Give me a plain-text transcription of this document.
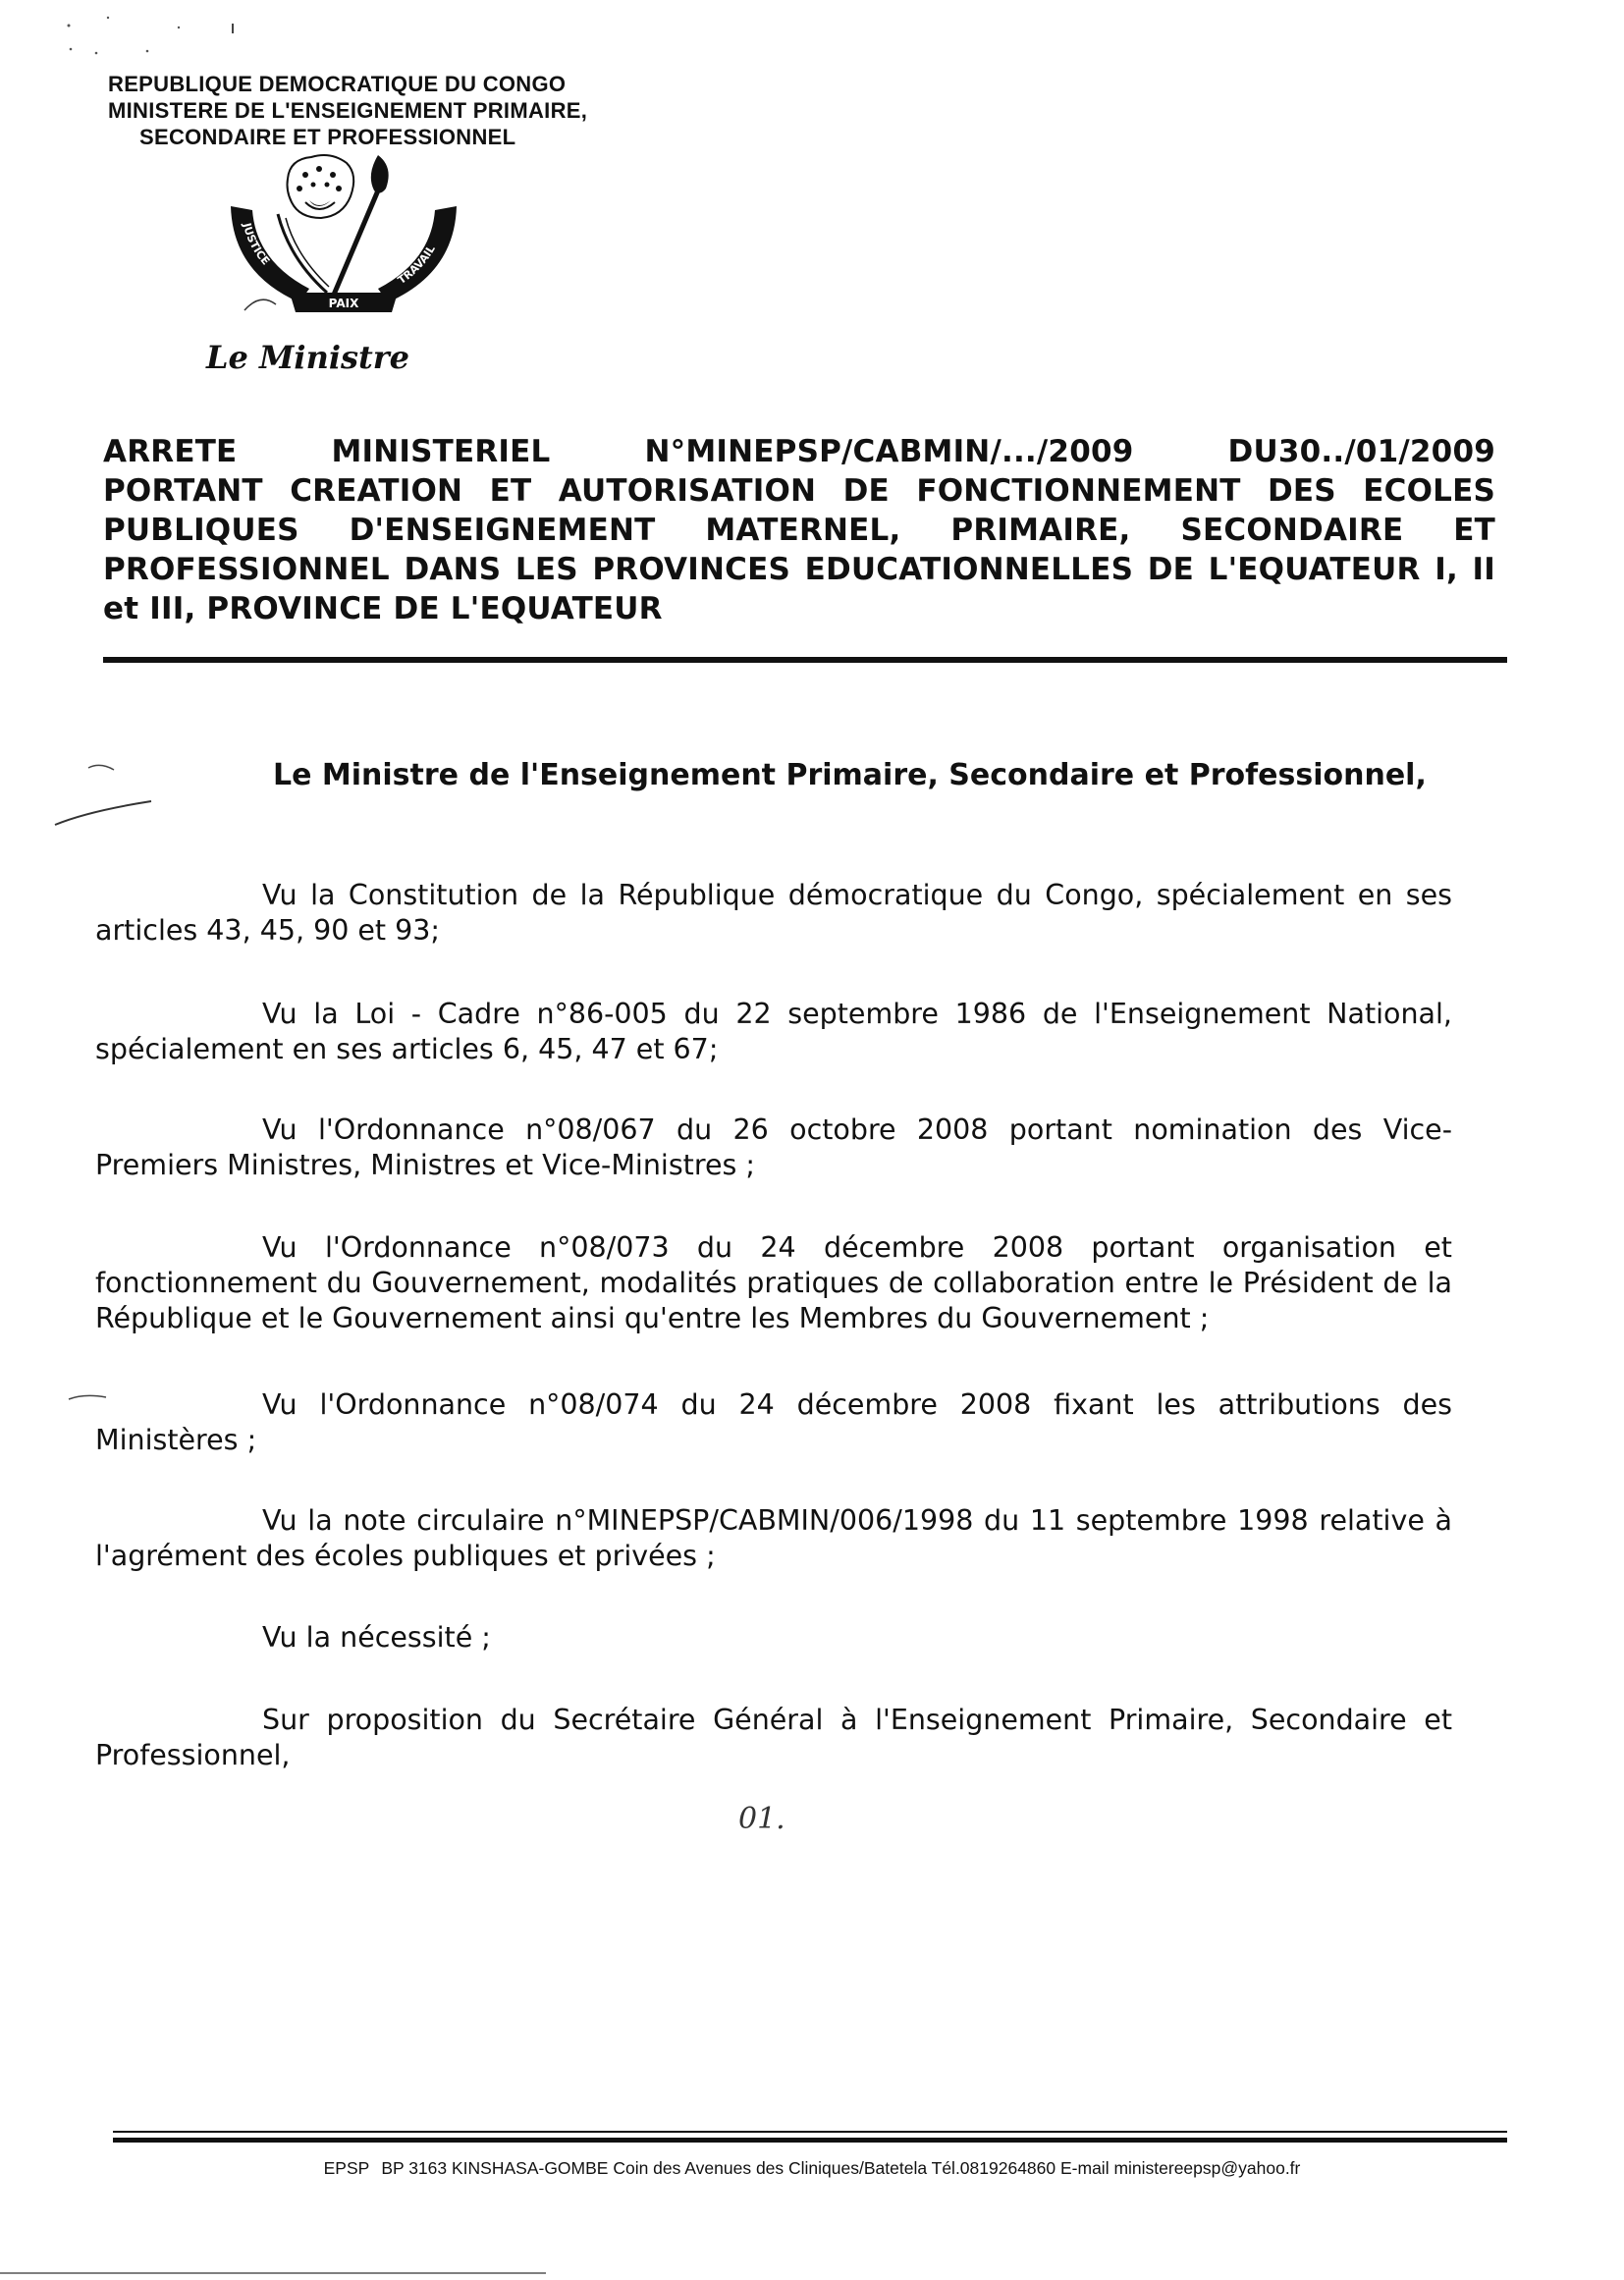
REPUBLIQUE DEMOCRATIQUE DU CONGO
MINISTERE DE L'ENSEIGNEMENT PRIMAIRE,
SECONDAIRE ET PROFESSIONNEL
PAIX
JUSTICE
TRAVAIL
Le Ministre
ARRETE	MINISTERIEL	N°MINEPSP/CABMIN/.../2009	DU30../01/2009
PORTANT CREATION ET AUTORISATION DE FONCTIONNEMENT DES ECOLES PUBLIQUES D'ENSEIGNEMENT MATERNEL, PRIMAIRE, SECONDAIRE ET PROFESSIONNEL DANS LES PROVINCES EDUCATIONNELLES DE L'EQUATEUR I, II et III, PROVINCE DE L'EQUATEUR
Le Ministre de l'Enseignement Primaire, Secondaire et Professionnel,
Vu la Constitution de la République démocratique du Congo, spécialement en ses articles 43, 45, 90 et 93;
Vu la Loi - Cadre n°86-005 du 22 septembre 1986 de l'Enseignement National, spécialement en ses articles 6, 45, 47 et 67;
Vu l'Ordonnance n°08/067 du 26 octobre 2008 portant nomination des Vice-Premiers Ministres, Ministres et Vice-Ministres ;
Vu l'Ordonnance n°08/073 du 24 décembre 2008 portant organisation et fonctionnement du Gouvernement, modalités pratiques de collaboration entre le Président de la République et le Gouvernement ainsi qu'entre les Membres du Gouvernement ;
Vu l'Ordonnance n°08/074 du 24 décembre 2008 fixant les attributions des Ministères ;
Vu la note circulaire n°MINEPSP/CABMIN/006/1998 du 11 septembre 1998 relative à l'agrément des écoles publiques et privées ;
Vu la nécessité ;
Sur proposition du Secrétaire Général à l'Enseignement Primaire, Secondaire et Professionnel,
01.
EPSP BP 3163 KINSHASA-GOMBE Coin des Avenues des Cliniques/Batetela Tél.0819264860 E-mail ministereepsp@yahoo.fr
